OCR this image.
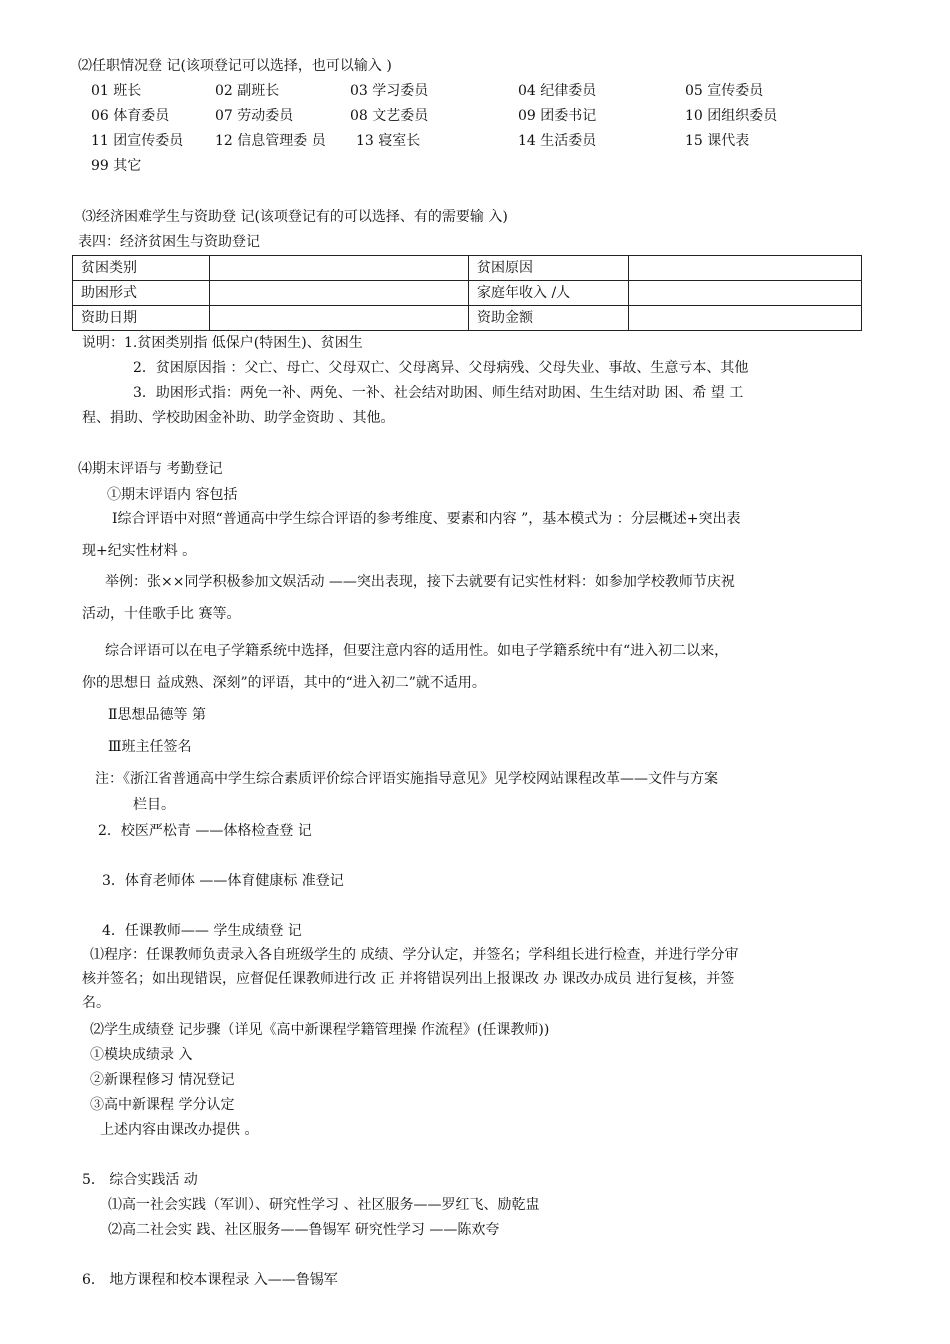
⑵任职情况登 记(该项登记可以选择，也可以输入 )
01 班长	02 副班长	03 学习委员	04 纪律委员	05 宣传委员
06 体育委员	07 劳动委员	08 文艺委员	09 团委书记	10 团组织委员
11 团宣传委员 12 信息管理委 员 13 寝室长	14 生活委员	15 课代表
99 其它
⑶经济困难学生与资助登 记(该项登记有的可以选择、有的需要输 入)
表四：经济贫困生与资助登记
贫困类别		贫困原因	
助困形式		家庭年收入 /人	
资助日期		资助金额	
说明：1.贫困类别指 低保户(特困生)、贫困生
2．贫困原因指 ：父亡、母亡、父母双亡、父母离异、父母病残、父母失业、事故、生意亏本、其他
3．助困形式指：两免一补、两免、一补、社会结对助困、师生结对助困、生生结对助 困、希 望 工
程、捐助、学校助困金补助、助学金资助 、其他。
⑷期末评语与 考勤登记
①期末评语内 容包括
Ⅰ综合评语中对照“普通高中学生综合评语的参考维度、要素和内容 ”，基本模式为 ：分层概述+突出表
现+纪实性材料 。
举例：张××同学积极参加文娱活动 ——突出表现，接下去就要有记实性材料：如参加学校教师节庆祝
活动，十佳歌手比 赛等。
综合评语可以在电子学籍系统中选择，但要注意内容的适用性。如电子学籍系统中有“进入初二以来，
你的思想日 益成熟、深刻”的评语，其中的“进入初二”就不适用。
Ⅱ思想品德等 第
Ⅲ班主任签名
注：《浙江省普通高中学生综合素质评价综合评语实施指导意见》见学校网站课程改革——文件与方案
栏目。
2．校医严松青 ——体格检查登 记
3．体育老师体 ——体育健康标 准登记
4．任课教师—— 学生成绩登 记
⑴程序：任课教师负责录入各自班级学生的 成绩、学分认定，并签名；学科组长进行检查，并进行学分审
核并签名；如出现错误，应督促任课教师进行改 正 并将错误列出上报课改 办 课改办成员 进行复核，并签
名。
⑵学生成绩登 记步骤（详见《高中新课程学籍管理操 作流程》(任课教师))
①模块成绩录 入
②新课程修习 情况登记
③高中新课程 学分认定
上述内容由课改办提供 。
5． 综合实践活 动
⑴高一社会实践（军训）、研究性学习 、社区服务——罗红飞、励乾盅
⑵高二社会实 践、社区服务——鲁锡军 研究性学习 ——陈欢夸
6． 地方课程和校本课程录 入——鲁锡军
